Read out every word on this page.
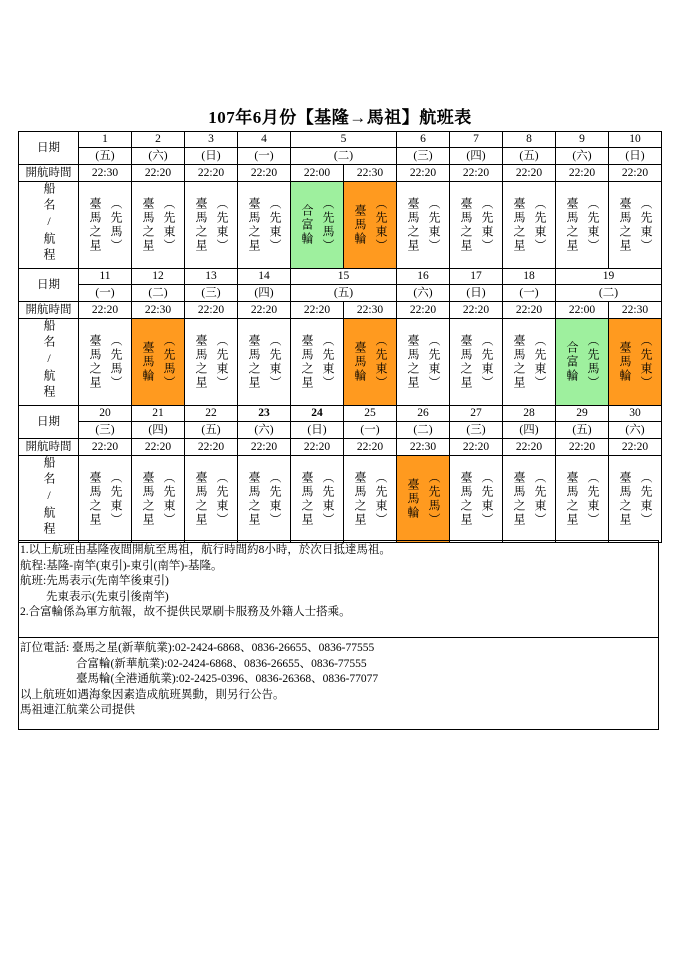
107年6月份【基隆→馬祖】航班表
日期	1	2	3	4	5		6	7	8	9	10
	(五)	(六)	(日)	(一)	(二)		(三)	(四)	(五)	(六)	(日)
開航時間	22:30	22:20	22:20	22:20	22:00	22:30	22:20	22:20	22:20	22:20	22:20
船名/航程	臺馬之星 （先馬）	臺馬之星 （先東）	臺馬之星 （先東）	臺馬之星 （先東）	合富輪 （先馬）	臺馬輪 （先東）	臺馬之星 （先東）	臺馬之星 （先東）	臺馬之星 （先東）	臺馬之星 （先東）	臺馬之星 （先東）

日期	11	12	13	14	15		16	17	18	19	
	(一)	(二)	(三)	(四)	(五)		(六)	(日)	(一)	(二)	
開航時間	22:20	22:30	22:20	22:20	22:20	22:30	22:20	22:20	22:20	22:00	22:30
船名/航程	臺馬之星 （先馬）	臺馬輪 （先馬）	臺馬之星 （先東）	臺馬之星 （先東）	臺馬之星 （先東）	臺馬輪 （先東）	臺馬之星 （先東）	臺馬之星 （先東）	臺馬之星 （先東）	合富輪 （先馬）	臺馬輪 （先東）

日期	20	21	22	23	24	25	26	27	28	29	30
	(三)	(四)	(五)	(六)	(日)	(一)	(二)	(三)	(四)	(五)	(六)
開航時間	22:20	22:20	22:20	22:20	22:20	22:20	22:30	22:20	22:20	22:20	22:20
船名/航程	臺馬之星 （先東）	臺馬之星 （先東）	臺馬之星 （先東）	臺馬之星 （先東）	臺馬之星 （先東）	臺馬之星 （先東）	臺馬輪 （先馬）	臺馬之星 （先東）	臺馬之星 （先東）	臺馬之星 （先東）	臺馬之星 （先東）
1.以上航班由基隆夜間開航至馬祖，航行時間約8小時，於次日抵達馬祖。
航程:基隆-南竿(東引)-東引(南竿)-基隆。
航班:先馬表示(先南竿後東引)
先東表示(先東引後南竿)
2.合富輪係為軍方航報，故不提供民眾刷卡服務及外籍人士搭乘。
訂位電話: 臺馬之星(新華航業):02-2424-6868、0836-26655、0836-77555
合富輪(新華航業):02-2424-6868、0836-26655、0836-77555
臺馬輪(全港通航業):02-2425-0396、0836-26368、0836-77077
以上航班如遇海象因素造成航班異動，則另行公告。
馬祖連江航業公司提供
